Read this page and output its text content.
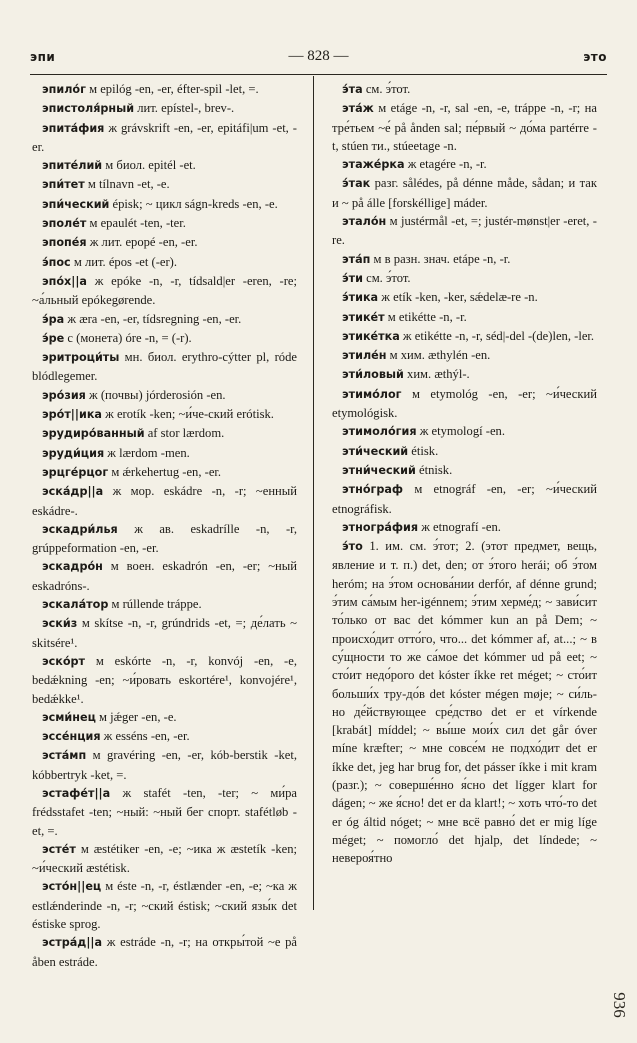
эпи	— 828 —	это
эпило́г м epilóg -en, -er, éfter-spil -let, =.
эпистоля́рный лит. epístel-, brev-.
эпита́фия ж grávskrift -en, -er, epitáfi|um -et, -er.
эпите́лий м биол. epitél -et.
эпи́тет м tílnavn -et, -e.
эпи́ческий épisk; ~ цикл ságn-kreds -en, -e.
эполе́т м epaulét -ten, -ter.
эпопе́я ж лит. epopé -en, -er.
э́пос м лит. épos -et (-er).
эпо́х||а ж epóke -n, -r, tídsald|er -eren, -re; ~а́льный epókegørende.
э́ра ж æra -en, -er, tídsregning -en, -er.
э́ре с (монета) óre -n, = (-r).
эритроци́ты мн. биол. erythro-cýtter pl, róde blódlegemer.
эро́зия ж (почвы) jórderosión -en.
эро́т||ика ж erotík -ken; ~и́че-ский erótisk.
эрудиро́ванный af stor lærdom.
эруди́ция ж lærdom -men.
эрцге́рцог м ǽrkehertug -en, -er.
эска́др||а ж мор. eskádre -n, -r; ~енный eskádre-.
эскадри́лья ж ав. eskadrílle -n, -r, grúppeformation -en, -er.
эскадро́н м воен. eskadrón -en, -er; ~ный eskadróns-.
эскала́тор м rúllende tráppe.
эски́з м skítse -n, -r, grúndrids -et, =; де́лать ~ skitsére¹.
эско́рт м eskórte -n, -r, konvój -en, -e, bedǽkning -en; ~и́ровать eskortére¹, konvojére¹, bedǽkke¹.
эсми́нец м jǽger -en, -e.
эссе́нция ж esséns -en, -er.
эста́мп м gravéring -en, -er, kób-berstik -ket, kóbbertryk -ket, =.
эстафе́т||а ж stafét -ten, -ter; ~ ми́ра frédsstafet -ten; ~ный: ~ный бег спорт. stafétløb -et, =.
эсте́т м æstétiker -en, -e; ~ика ж æstetík -ken; ~и́ческий æstétisk.
эсто́н||ец м éste -n, -r, éstlænder -en, -e; ~ка ж estlǽnderinde -n, -r; ~ский éstisk; ~ский язы́к det éstiske sprog.
эстра́д||а ж estráde -n, -r; на откры́той ~е på åben estráde.
э́та см. э́тот.
эта́ж м etáge -n, -r, sal -en, -e, tráppe -n, -r; на тре́тьем ~е́ på ånden sal; пе́рвый ~ до́ма partérre -t, stúen ти., stúeetage -n.
этаже́рка ж etagére -n, -r.
э́так разг. sålédes, på dénne måde, sådan; и так и ~ på álle [forskéllige] máder.
этало́н м justérmål -et, =; justér-mønst|er -eret, -re.
эта́п м в разн. знач. etápe -n, -r.
э́ти см. э́тот.
э́тика ж etík -ken, -ker, sǽdelæ-re -n.
этике́т м etikétte -n, -r.
этике́тка ж etikétte -n, -r, séd|-del -(de)len, -ler.
этиле́н м хим. æthylén -en.
эти́ловый хим. æthýl-.
этимо́лог м etymológ -en, -er; ~и́ческий etymológisk.
этимоло́гия ж etymologí -en.
эти́ческий étisk.
этни́ческий étnisk.
этно́граф м etnográf -en, -er; ~и́ческий etnográfisk.
этногра́фия ж etnografí -en.
э́то 1. им. см. э́тот; 2. (этот предмет, вещь, явление и т. п.) det, den; от э́того herái; об э́том heróm; на э́том основа́нии derfór, af dénne grund; э́тим са́мым her-igénnem; э́тим херме́д; ~ зави́сит то́лько от вас det kómmer kun an på Dem; ~ происхо́дит отто́го, что... det kómmer af, at...; ~ в су́щности то же са́мое det kómmer ud på eet; ~ сто́ит недо́рого det kóster íkke ret méget; ~ сто́ит больши́х тру-до́в det kóster mégen møje; ~ си́ль-но де́йствующее сре́дство det er et vírkende [krabát] míddel; ~ вы́ше мои́х сил det går óver míne kræfter; ~ мне совсе́м не подхо́дит det er íkke det, jeg har brug for, det pásser íkke i mit kram (разг.); ~ соверше́нно я́сно det lígger klart for dágen; ~ же я́сно! det er da klart!; ~ хоть что́-то det er óg áltid nóget; ~ мне всё равно́ det er mig líge méget; ~ помогло́ det hjalp, det líndede; ~ невероя́тно
936
